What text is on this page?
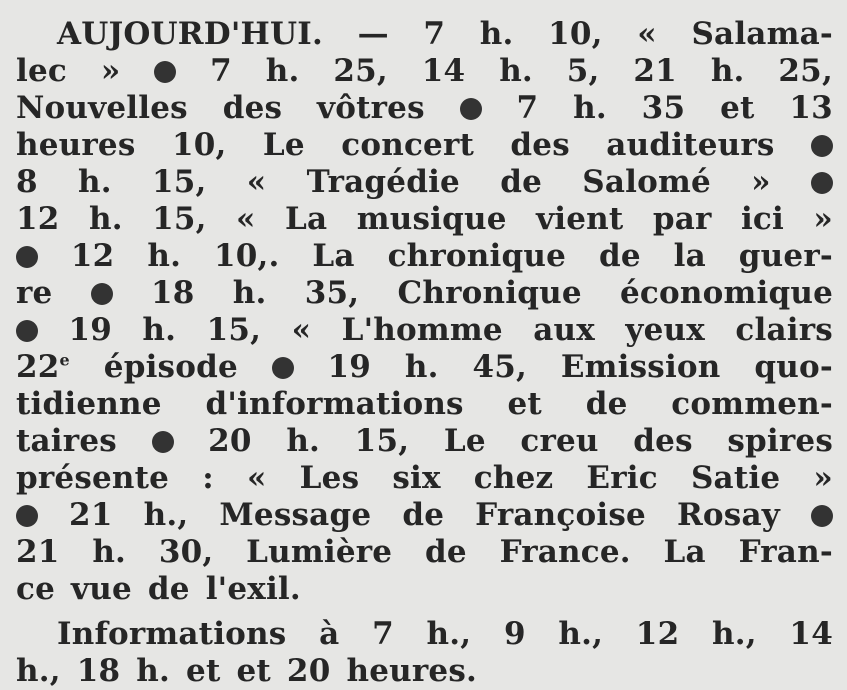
AUJOURD'HUI. — 7 h. 10, « Salama-
lec »	7 h. 25, 14 h. 5, 21 h. 25,
Nouvelles des vôtres	7 h. 35 et 13
heures 10, Le concert des auditeurs
8 h. 15, « Tragédie de Salomé »
12 h. 15, « La musique vient par ici »
12 h. 10,. La chronique de la guer-
re	18 h. 35, Chronique économique
19 h. 15, « L'homme aux yeux clairs
22e épisode	19 h. 45, Emission quo-
tidienne d'informations et de commen-
taires	20 h. 15, Le creu des spires
présente : « Les six chez Eric Satie »
21 h., Message de Françoise Rosay
21 h. 30, Lumière de France. La Fran-
ce vue de l'exil.
Informations à 7 h., 9 h., 12 h., 14
h., 18 h. et et 20 heures.
